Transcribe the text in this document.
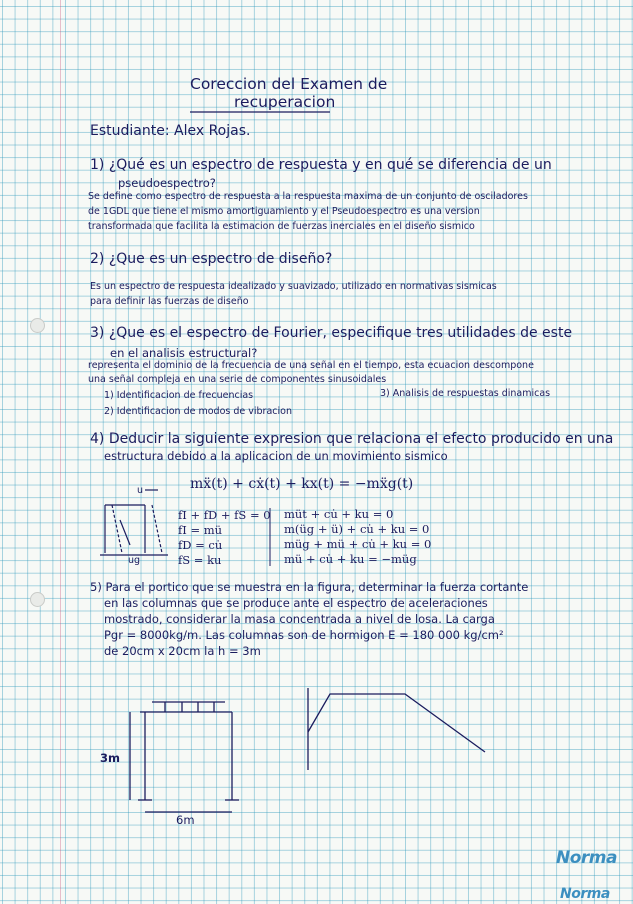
Coreccion del Examen de

recuperacion

Estudiante: Alex Rojas.

1) ¿Qué es un espectro de respuesta y en qué se diferencia de un

pseudoespectro?

Se define como espectro de respuesta a la respuesta maxima de un conjunto de osciladores

de 1GDL que tiene el mismo amortiguamiento y el Pseudoespectro es una version

transformada que facilita la estimacion de fuerzas inerciales en el diseño sismico

2) ¿Que es un espectro de diseño?

Es un espectro de respuesta idealizado y suavizado, utilizado en normativas sismicas

para definir las fuerzas de diseño

3) ¿Que es el espectro de Fourier, especifique tres utilidades de este

en el analisis estructural?

representa el dominio de la frecuencia de una señal en el tiempo, esta ecuacion descompone

una señal compleja en una serie de componentes sinusoidales

1) Identificacion de frecuencias	3) Analisis de respuestas dinamicas

2) Identificacion de modos de vibracion

4) Deducir la siguiente expresion que relaciona el efecto producido en una

estructura debido a la aplicacion de un movimiento sismico

mẍ(t) + cẋ(t) + kx(t) = −mẍg(t)

u

ug

fI + fD + fS = 0

fI = mü

fD = cu̇

fS = ku

müt + cu̇ + ku = 0

m(üg + ü) + cu̇ + ku = 0

müg + mü + cu̇ + ku = 0

mü + cu̇ + ku = −müg

5) Para el portico que se muestra en la figura, determinar la fuerza cortante

en las columnas que se produce ante el espectro de aceleraciones

mostrado, considerar la masa concentrada a nivel de losa. La carga

Pgr = 8000kg/m. Las columnas son de hormigon E = 180 000 kg/cm²

de 20cm x 20cm la h = 3m

3m

6m

Norma
Norma
